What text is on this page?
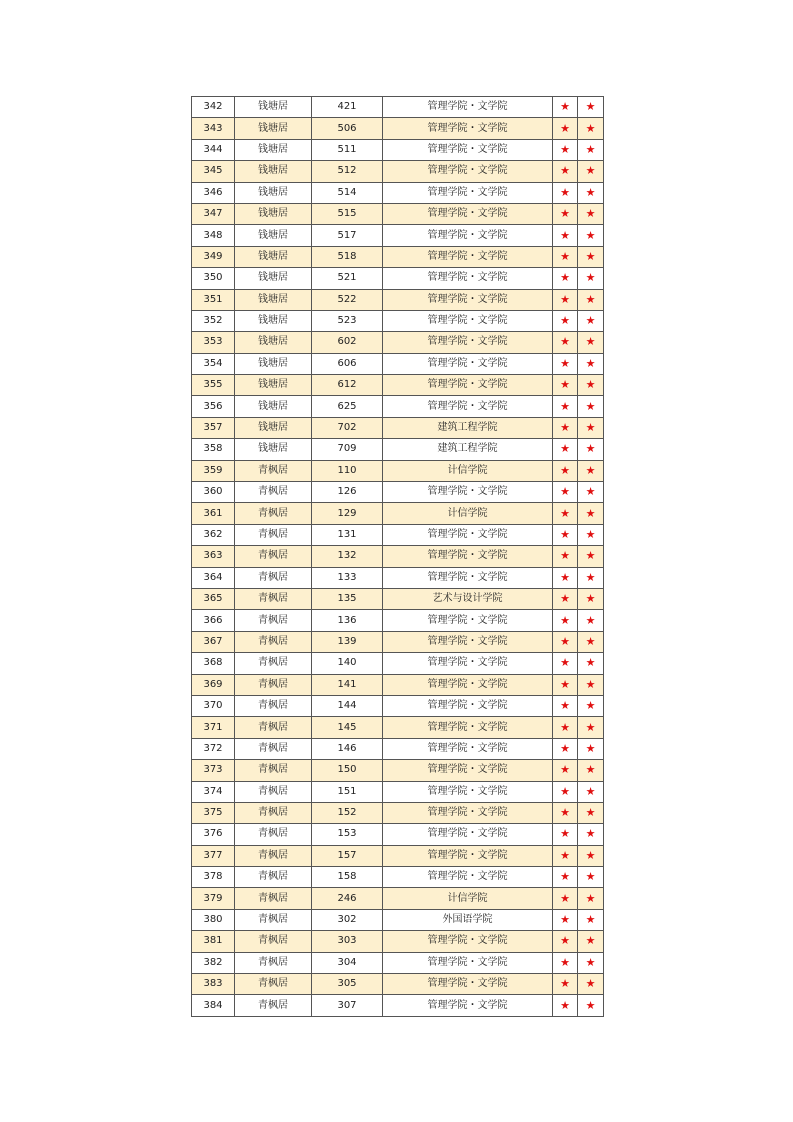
342	钱塘居	421	管理学院・文学院	★	★
343	钱塘居	506	管理学院・文学院	★	★
344	钱塘居	511	管理学院・文学院	★	★
345	钱塘居	512	管理学院・文学院	★	★
346	钱塘居	514	管理学院・文学院	★	★
347	钱塘居	515	管理学院・文学院	★	★
348	钱塘居	517	管理学院・文学院	★	★
349	钱塘居	518	管理学院・文学院	★	★
350	钱塘居	521	管理学院・文学院	★	★
351	钱塘居	522	管理学院・文学院	★	★
352	钱塘居	523	管理学院・文学院	★	★
353	钱塘居	602	管理学院・文学院	★	★
354	钱塘居	606	管理学院・文学院	★	★
355	钱塘居	612	管理学院・文学院	★	★
356	钱塘居	625	管理学院・文学院	★	★
357	钱塘居	702	建筑工程学院	★	★
358	钱塘居	709	建筑工程学院	★	★
359	青枫居	110	计信学院	★	★
360	青枫居	126	管理学院・文学院	★	★
361	青枫居	129	计信学院	★	★
362	青枫居	131	管理学院・文学院	★	★
363	青枫居	132	管理学院・文学院	★	★
364	青枫居	133	管理学院・文学院	★	★
365	青枫居	135	艺术与设计学院	★	★
366	青枫居	136	管理学院・文学院	★	★
367	青枫居	139	管理学院・文学院	★	★
368	青枫居	140	管理学院・文学院	★	★
369	青枫居	141	管理学院・文学院	★	★
370	青枫居	144	管理学院・文学院	★	★
371	青枫居	145	管理学院・文学院	★	★
372	青枫居	146	管理学院・文学院	★	★
373	青枫居	150	管理学院・文学院	★	★
374	青枫居	151	管理学院・文学院	★	★
375	青枫居	152	管理学院・文学院	★	★
376	青枫居	153	管理学院・文学院	★	★
377	青枫居	157	管理学院・文学院	★	★
378	青枫居	158	管理学院・文学院	★	★
379	青枫居	246	计信学院	★	★
380	青枫居	302	外国语学院	★	★
381	青枫居	303	管理学院・文学院	★	★
382	青枫居	304	管理学院・文学院	★	★
383	青枫居	305	管理学院・文学院	★	★
384	青枫居	307	管理学院・文学院	★	★
